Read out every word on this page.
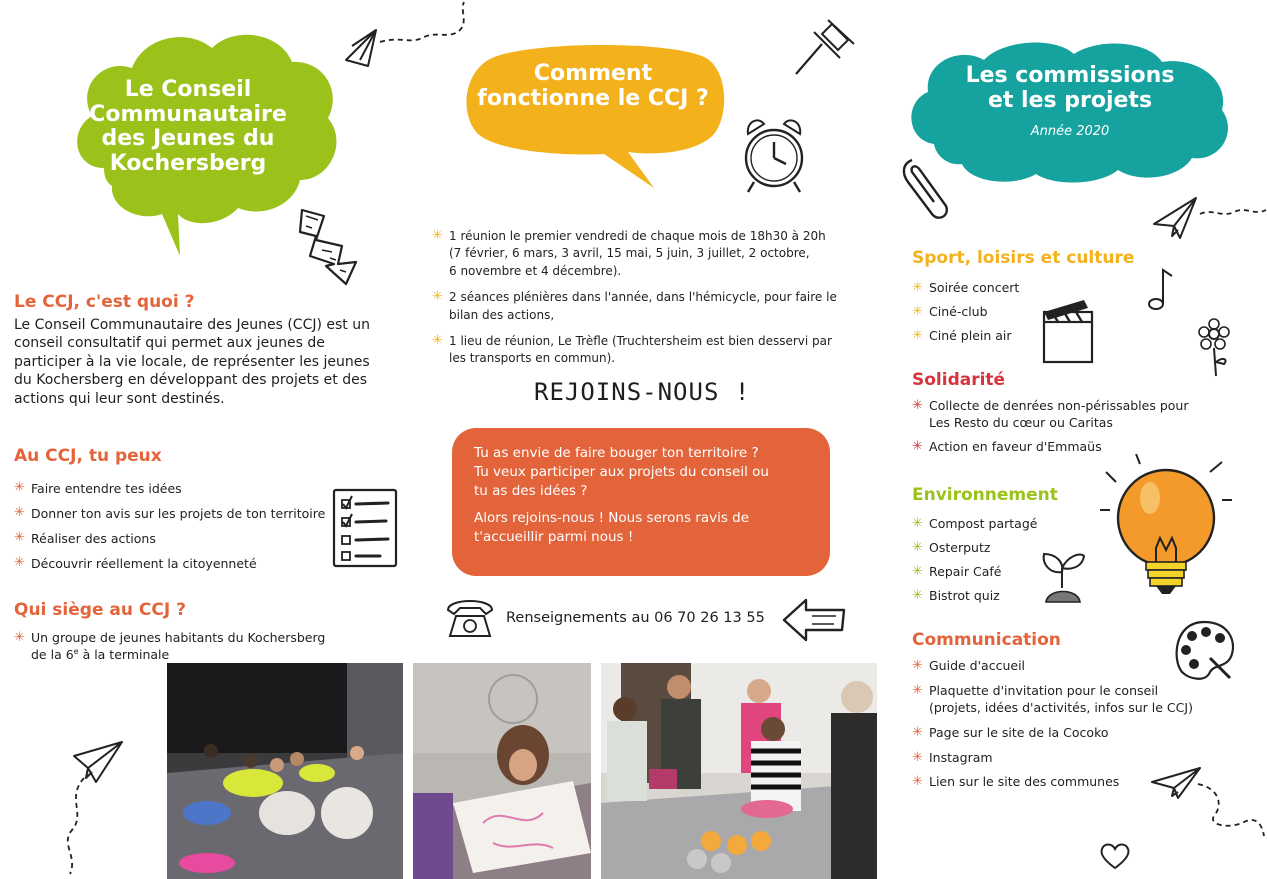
Le Conseil
Communautaire
des Jeunes du
Kochersberg
Le CCJ, c'est quoi ?
Le Conseil Communautaire des Jeunes (CCJ) est un conseil consultatif qui permet aux jeunes de participer à la vie locale, de représenter les jeunes du Kochersberg en développant des projets et des actions qui leur sont destinés.
Au CCJ, tu peux
✳ Faire entendre tes idées
✳ Donner ton avis sur les projets de ton territoire
✳ Réaliser des actions
✳ Découvrir réellement la citoyenneté
Qui siège au CCJ ?
✳ Un groupe de jeunes habitants du Kochersberg
de la 6e à la terminale
Comment
fonctionne le CCJ ?
✳ 1 réunion le premier vendredi de chaque mois de 18h30 à 20h
(7 février, 6 mars, 3 avril, 15 mai, 5 juin, 3 juillet, 2 octobre,
6 novembre et 4 décembre).
✳ 2 séances plénières dans l'année, dans l'hémicycle, pour faire le
bilan des actions,
✳ 1 lieu de réunion, Le Trèfle (Truchtersheim est bien desservi par
les transports en commun).
REJOINS-NOUS !
Tu as envie de faire bouger ton territoire ?
Tu veux participer aux projets du conseil ou
tu as des idées ?
Alors rejoins-nous ! Nous serons ravis de
t'accueillir parmi nous !
Renseignements au 06 70 26 13 55
Les commissions
et les projets
Année 2020
Sport, loisirs et culture
✳ Soirée concert
✳ Ciné-club
✳ Ciné plein air
Solidarité
✳ Collecte de denrées non-périssables pour
Les Resto du cœur ou Caritas
✳ Action en faveur d'Emmaüs
Environnement
✳ Compost partagé
✳ Osterputz
✳ Repair Café
✳ Bistrot quiz
Communication
✳ Guide d'accueil
✳ Plaquette d'invitation pour le conseil
(projets, idées d'activités, infos sur le CCJ)
✳ Page sur le site de la Cocoko
✳ Instagram
✳ Lien sur le site des communes
